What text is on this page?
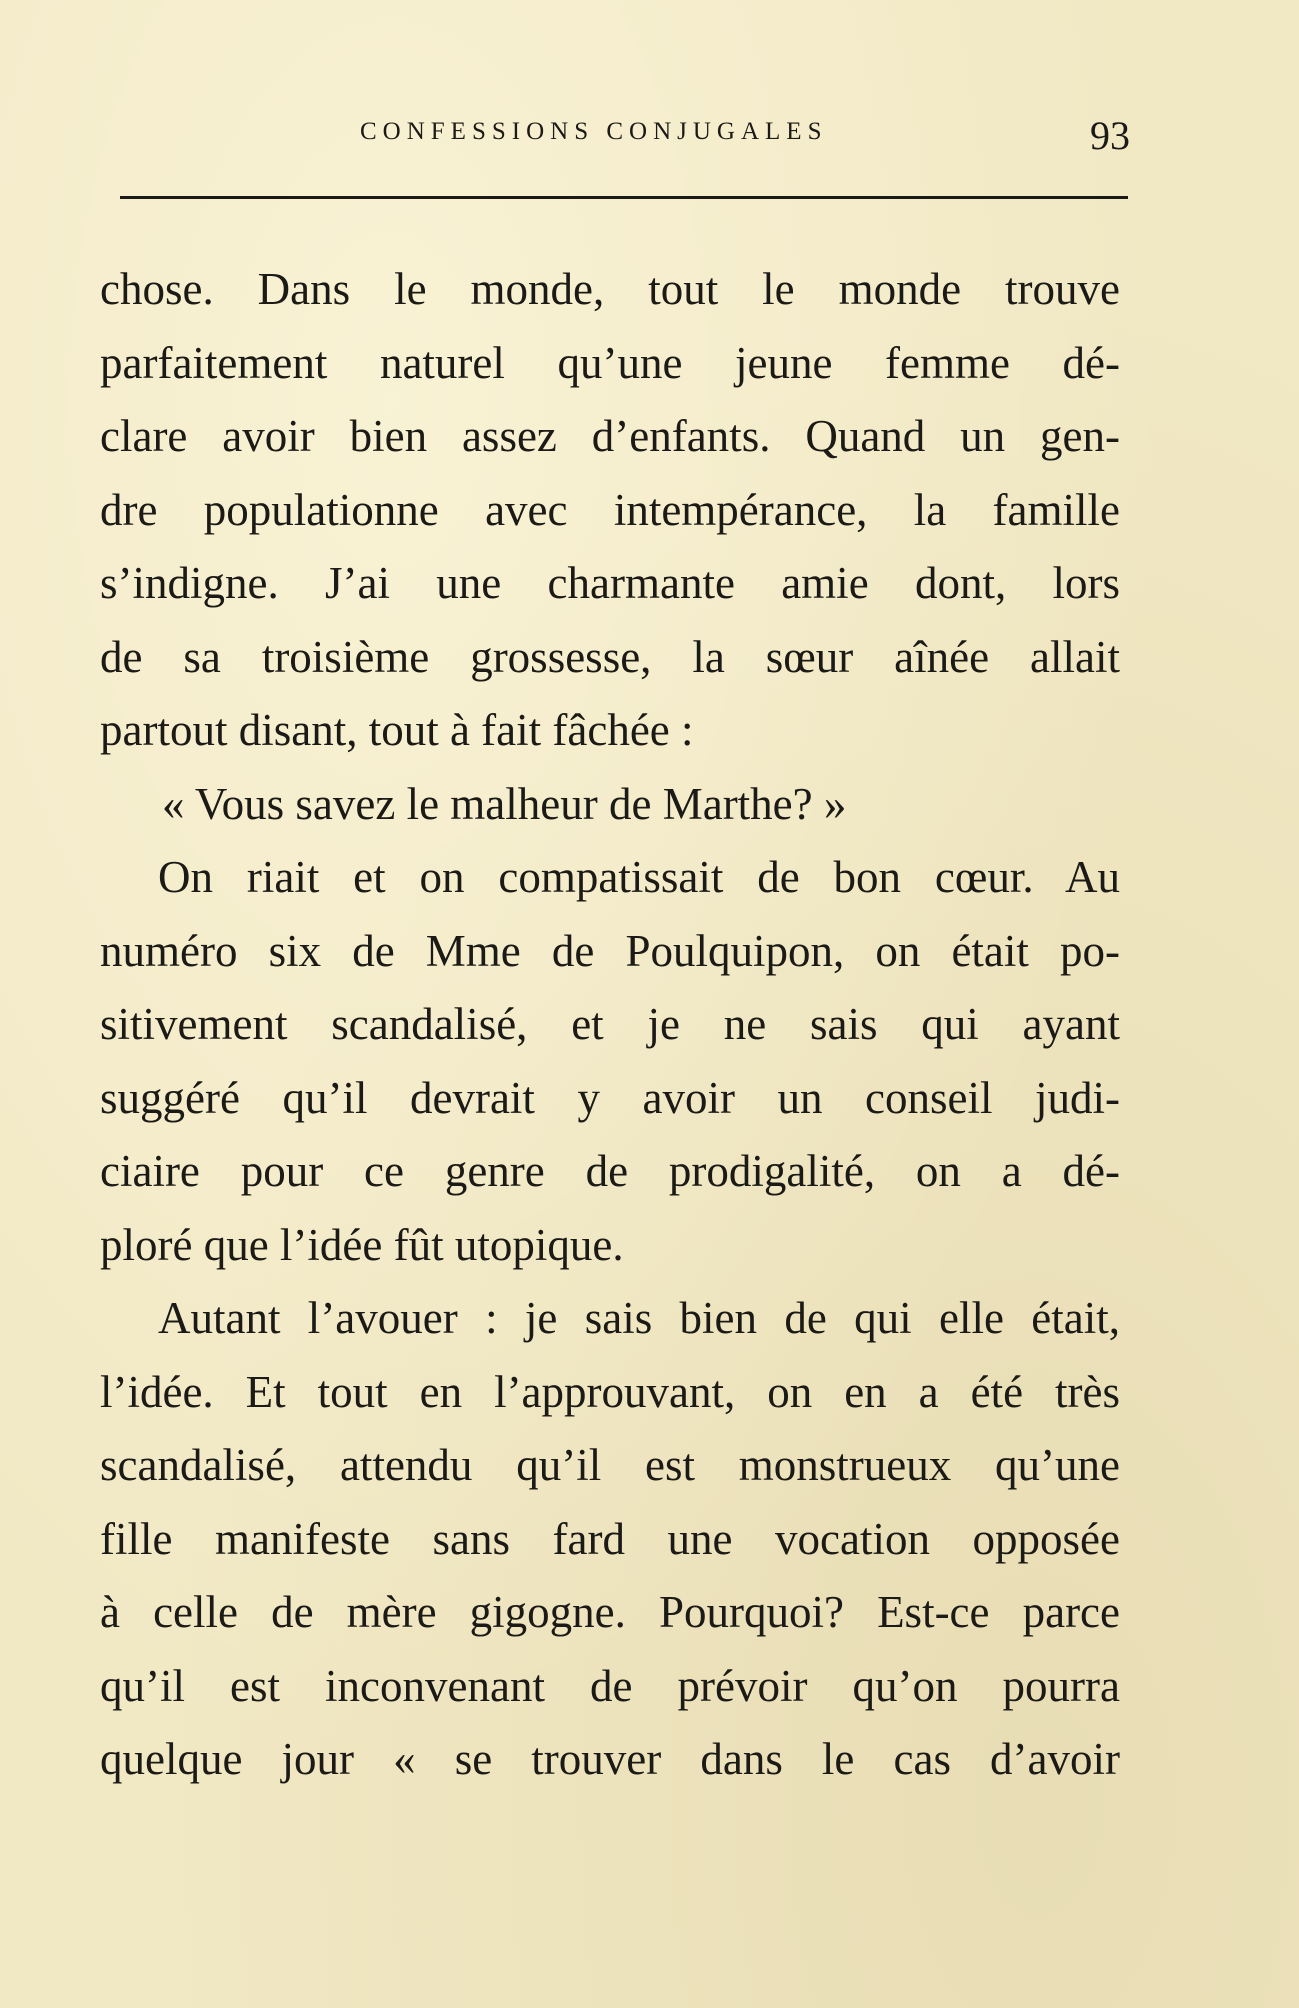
CONFESSIONS CONJUGALES	93
chose. Dans le monde, tout le monde trouve
parfaitement naturel qu’une jeune femme dé-
clare avoir bien assez d’enfants. Quand un gen-
dre populationne avec intempérance, la famille
s’indigne. J’ai une charmante amie dont, lors
de sa troisième grossesse, la sœur aînée allait
partout disant, tout à fait fâchée :
« Vous savez le malheur de Marthe? »
On riait et on compatissait de bon cœur. Au
numéro six de Mme de Poulquipon, on était po-
sitivement scandalisé, et je ne sais qui ayant
suggéré qu’il devrait y avoir un conseil judi-
ciaire pour ce genre de prodigalité, on a dé-
ploré que l’idée fût utopique.
Autant l’avouer : je sais bien de qui elle était,
l’idée. Et tout en l’approuvant, on en a été très
scandalisé, attendu qu’il est monstrueux qu’une
fille manifeste sans fard une vocation opposée
à celle de mère gigogne. Pourquoi? Est-ce parce
qu’il est inconvenant de prévoir qu’on pourra
quelque jour « se trouver dans le cas d’avoir
